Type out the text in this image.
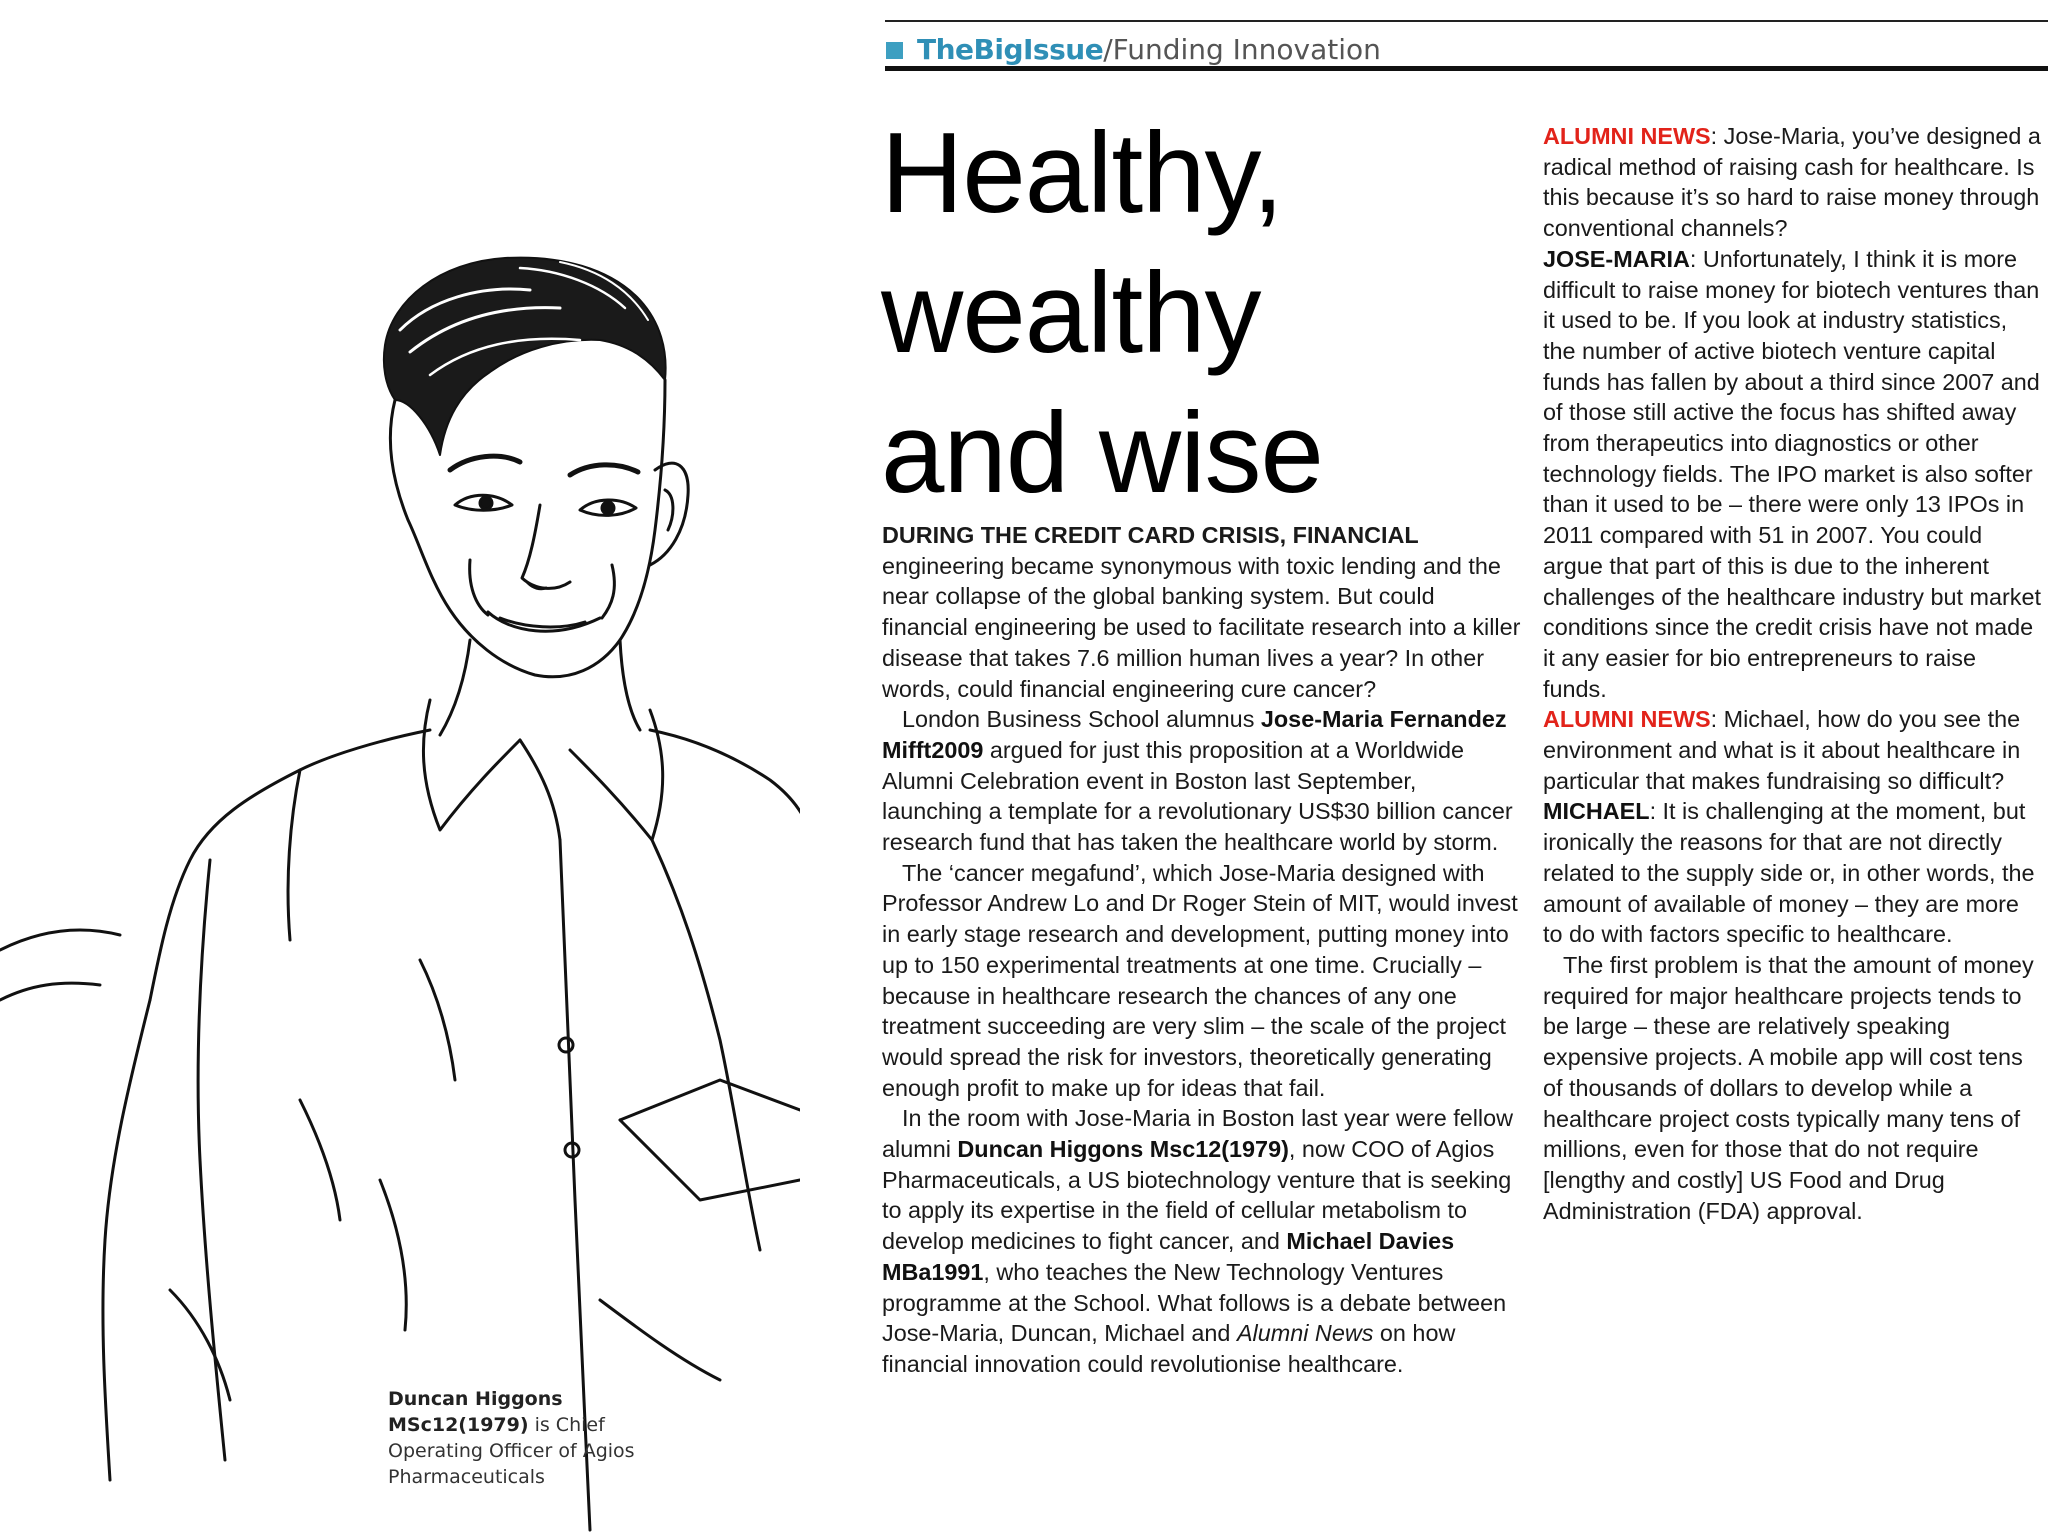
Duncan Higgons
MSc12(1979) is Chief Operating Officer of Agios Pharmaceuticals
TheBigIssue /Funding Innovation
Healthy,
wealthy
and wise

DURING THE CREDIT CARD CRISIS, FINANCIAL engineering became synonymous with toxic lending and the near collapse of the global banking system. But could financial engineering be used to facilitate research into a killer disease that takes 7.6 million human lives a year? In other words, could financial engineering cure cancer?

London Business School alumnus Jose-Maria Fernandez Mifft2009 argued for just this proposition at a Worldwide Alumni Celebration event in Boston last September, launching a template for a revolutionary US$30 billion cancer research fund that has taken the healthcare world by storm.

The ‘cancer megafund’, which Jose-Maria designed with Professor Andrew Lo and Dr Roger Stein of MIT, would invest in early stage research and development, putting money into up to 150 experimental treatments at one time. Crucially – because in healthcare research the chances of any one treatment succeeding are very slim – the scale of the project would spread the risk for investors, theoretically generating enough profit to make up for ideas that fail.

In the room with Jose-Maria in Boston last year were fellow alumni Duncan Higgons Msc12(1979), now COO of Agios Pharmaceuticals, a US biotechnology venture that is seeking to apply its expertise in the field of cellular metabolism to develop medicines to fight cancer, and Michael Davies MBa1991, who teaches the New Technology Ventures programme at the School. What follows is a debate between Jose-Maria, Duncan, Michael and Alumni News on how financial innovation could revolutionise healthcare.

ALUMNI NEWS: Jose-Maria, you’ve designed a radical method of raising cash for healthcare. Is this because it’s so hard to raise money through conventional channels?

JOSE-MARIA: Unfortunately, I think it is more difficult to raise money for biotech ventures than it used to be. If you look at industry statistics, the number of active biotech venture capital funds has fallen by about a third since 2007 and of those still active the focus has shifted away from therapeutics into diagnostics or other technology fields. The IPO market is also softer than it used to be – there were only 13 IPOs in 2011 compared with 51 in 2007. You could argue that part of this is due to the inherent challenges of the healthcare industry but market conditions since the credit crisis have not made it any easier for bio entrepreneurs to raise funds.

ALUMNI NEWS: Michael, how do you see the environment and what is it about healthcare in particular that makes fundraising so difficult?

MICHAEL: It is challenging at the moment, but ironically the reasons for that are not directly related to the supply side or, in other words, the amount of available of money – they are more to do with factors specific to healthcare.

The first problem is that the amount of money required for major healthcare projects tends to be large – these are relatively speaking expensive projects. A mobile app will cost tens of thousands of dollars to develop while a healthcare project costs typically many tens of millions, even for those that do not require [lengthy and costly] US Food and Drug Administration (FDA) approval.
